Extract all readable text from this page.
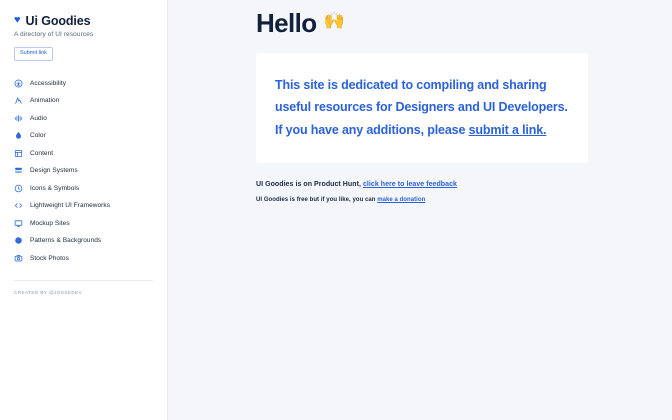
♥ Ui Goodies
A directory of UI resources
Submit link
Accessibility
Animation
Audio
Color
Content
Design Systems
Icons & Symbols
Lightweight UI Frameworks
Mockup Sites
Patterns & Backgrounds
Stock Photos
CREATED BY @JOSSEDEV
Hello 🙌

This site is dedicated to compiling and sharing useful resources for Designers and UI Developers. If you have any additions, please submit a link.

UI Goodies is on Product Hunt, click here to leave feedback

UI Goodies is free but if you like, you can make a donation
